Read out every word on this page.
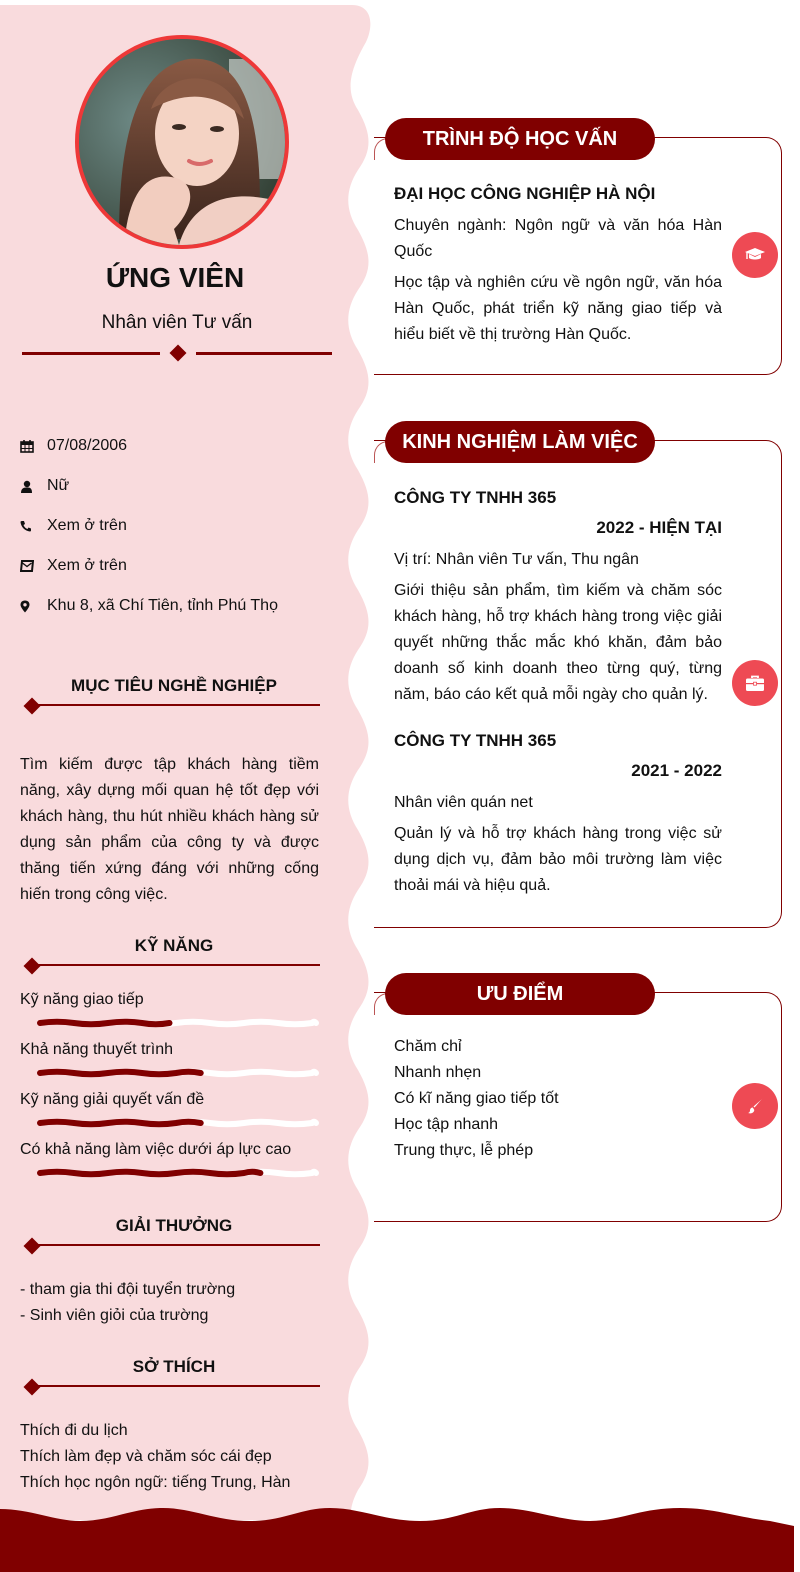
ỨNG VIÊN
Nhân viên Tư vấn
07/08/2006
Nữ
Xem ở trên
Xem ở trên
Khu 8, xã Chí Tiên, tỉnh Phú Thọ
MỤC TIÊU NGHỀ NGHIỆP
Tìm kiếm được tập khách hàng tiềm năng, xây dựng mối quan hệ tốt đẹp với khách hàng, thu hút nhiều khách hàng sử dụng sản phẩm của công ty và được thăng tiến xứng đáng với những cống hiến trong công việc.
KỸ NĂNG
Kỹ năng giao tiếp
Khả năng thuyết trình
Kỹ năng giải quyết vấn đề
Có khả năng làm việc dưới áp lực cao
GIẢI THƯỞNG
- tham gia thi đội tuyển trường
- Sinh viên giỏi của trường
SỞ THÍCH
Thích đi du lịch
Thích làm đẹp và chăm sóc cái đẹp
Thích học ngôn ngữ: tiếng Trung, Hàn
TRÌNH ĐỘ HỌC VẤN
ĐẠI HỌC CÔNG NGHIỆP HÀ NỘI
Chuyên ngành: Ngôn ngữ và văn hóa Hàn Quốc
Học tập và nghiên cứu về ngôn ngữ, văn hóa Hàn Quốc, phát triển kỹ năng giao tiếp và hiểu biết về thị trường Hàn Quốc.
KINH NGHIỆM LÀM VIỆC
CÔNG TY TNHH 365
2022 - HIỆN TẠI
Vị trí: Nhân viên Tư vấn, Thu ngân
Giới thiệu sản phẩm, tìm kiếm và chăm sóc khách hàng, hỗ trợ khách hàng trong việc giải quyết những thắc mắc khó khăn, đảm bảo doanh số kinh doanh theo từng quý, từng năm, báo cáo kết quả mỗi ngày cho quản lý.
CÔNG TY TNHH 365
2021 - 2022
Nhân viên quán net
Quản lý và hỗ trợ khách hàng trong việc sử dụng dịch vụ, đảm bảo môi trường làm việc thoải mái và hiệu quả.
ƯU ĐIỂM
Chăm chỉ
Nhanh nhẹn
Có kĩ năng giao tiếp tốt
Học tập nhanh
Trung thực, lễ phép
